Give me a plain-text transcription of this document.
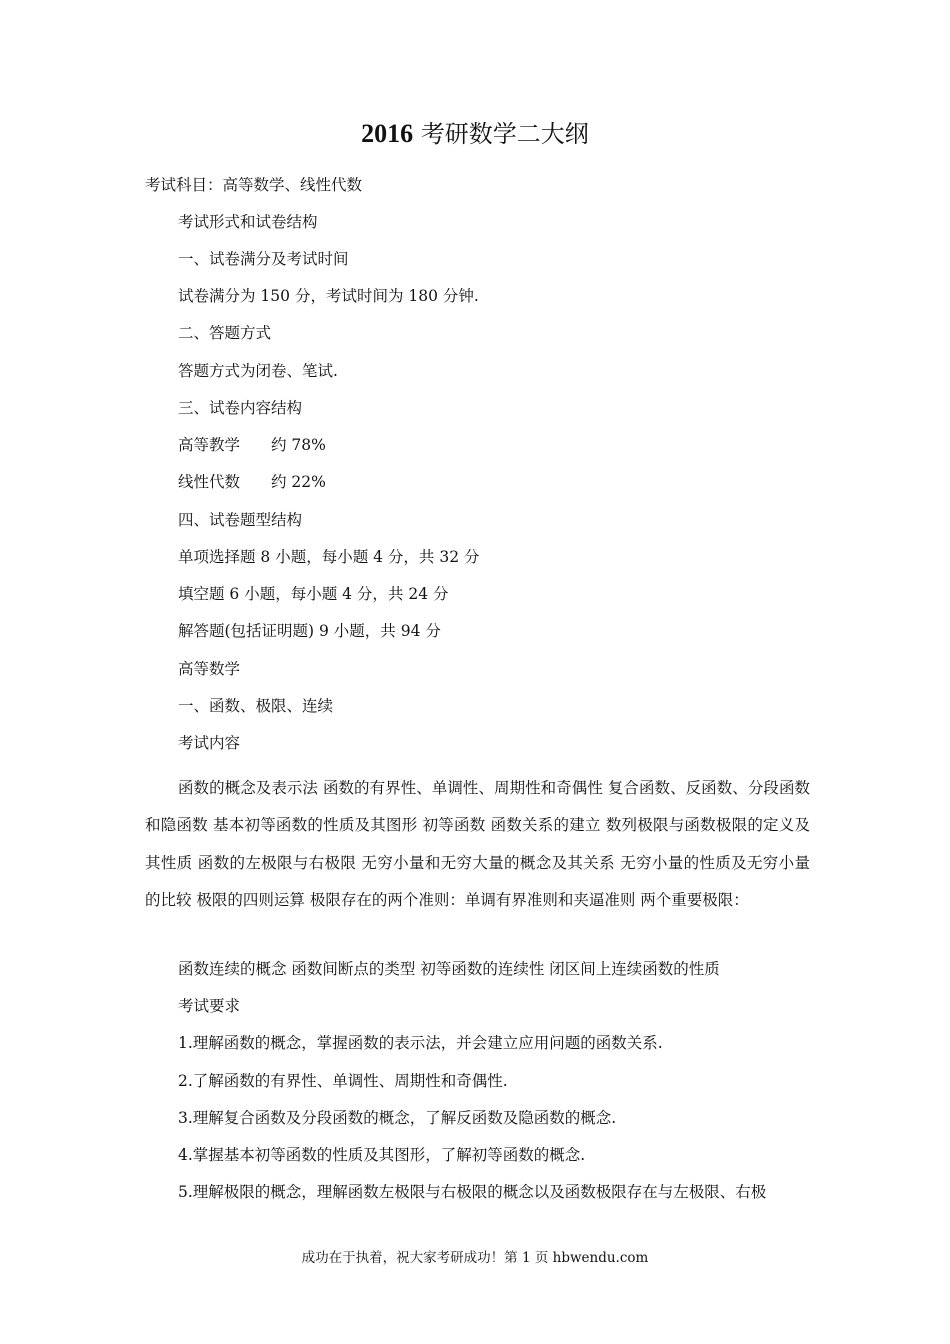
2016 考研数学二大纲
考试科目：高等数学、线性代数
考试形式和试卷结构
一、试卷满分及考试时间
试卷满分为 150 分，考试时间为 180 分钟.
二、答题方式
答题方式为闭卷、笔试.
三、试卷内容结构
高等教学　　约 78%
线性代数　　约 22%
四、试卷题型结构
单项选择题 8 小题，每小题 4 分，共 32 分
填空题 6 小题，每小题 4 分，共 24 分
解答题(包括证明题) 9 小题，共 94 分
高等数学
一、函数、极限、连续
考试内容
函数的概念及表示法 函数的有界性、单调性、周期性和奇偶性 复合函数、反函数、分段函数和隐函数 基本初等函数的性质及其图形 初等函数 函数关系的建立 数列极限与函数极限的定义及其性质 函数的左极限与右极限 无穷小量和无穷大量的概念及其关系 无穷小量的性质及无穷小量的比较 极限的四则运算 极限存在的两个准则：单调有界准则和夹逼准则 两个重要极限：
函数连续的概念 函数间断点的类型 初等函数的连续性 闭区间上连续函数的性质
考试要求
1.理解函数的概念，掌握函数的表示法，并会建立应用问题的函数关系.
2.了解函数的有界性、单调性、周期性和奇偶性.
3.理解复合函数及分段函数的概念，了解反函数及隐函数的概念.
4.掌握基本初等函数的性质及其图形，了解初等函数的概念.
5.理解极限的概念，理解函数左极限与右极限的概念以及函数极限存在与左极限、右极
成功在于执着，祝大家考研成功！第 1 页 hbwendu.com
